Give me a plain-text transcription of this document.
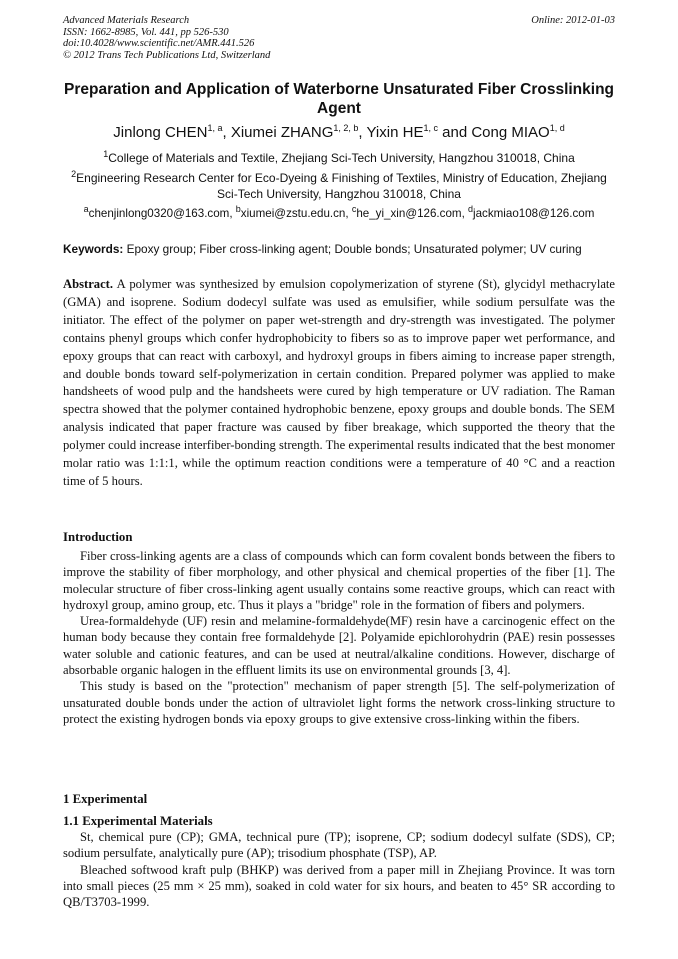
Advanced Materials Research
ISSN: 1662-8985, Vol. 441, pp 526-530
doi:10.4028/www.scientific.net/AMR.441.526
© 2012 Trans Tech Publications Ltd, Switzerland
Online: 2012-01-03
Preparation and Application of Waterborne Unsaturated Fiber Crosslinking Agent
Jinlong CHEN$^{1, a}$, Xiumei ZHANG$^{1, 2, b}$, Yixin HE$^{1, c}$ and Cong MIAO$^{1, d}$
$^1$College of Materials and Textile, Zhejiang Sci-Tech University, Hangzhou 310018, China
$^2$Engineering Research Center for Eco-Dyeing & Finishing of Textiles, Ministry of Education, Zhejiang Sci-Tech University, Hangzhou 310018, China
$^a$chenjinlong0320@163.com, $^b$xiumei@zstu.edu.cn, $^c$he_yi_xin@126.com, $^d$jackmiao108@126.com
Keywords: Epoxy group; Fiber cross-linking agent; Double bonds; Unsaturated polymer; UV curing
Abstract. A polymer was synthesized by emulsion copolymerization of styrene (St), glycidyl methacrylate (GMA) and isoprene. Sodium dodecyl sulfate was used as emulsifier, while sodium persulfate was the initiator. The effect of the polymer on paper wet-strength and dry-strength was investigated. The polymer contains phenyl groups which confer hydrophobicity to fibers so as to improve paper wet performance, and epoxy groups that can react with carboxyl, and hydroxyl groups in fibers aiming to increase paper strength, and double bonds toward self-polymerization in certain condition. Prepared polymer was applied to make handsheets of wood pulp and the handsheets were cured by high temperature or UV radiation. The Raman spectra showed that the polymer contained hydrophobic benzene, epoxy groups and double bonds. The SEM analysis indicated that paper fracture was caused by fiber breakage, which supported the theory that the polymer could increase interfiber-bonding strength. The experimental results indicated that the best monomer molar ratio was 1:1:1, while the optimum reaction conditions were a temperature of 40 °C and a reaction time of 5 hours.
Introduction

Fiber cross-linking agents are a class of compounds which can form covalent bonds between the fibers to improve the stability of fiber morphology, and other physical and chemical properties of the fiber [1]. The molecular structure of fiber cross-linking agent usually contains some reactive groups, which can react with hydroxyl group, amino group, etc. Thus it plays a "bridge" role in the formation of fibers and polymers.

Urea-formaldehyde (UF) resin and melamine-formaldehyde(MF) resin have a carcinogenic effect on the human body because they contain free formaldehyde [2]. Polyamide epichlorohydrin (PAE) resin possesses water soluble and cationic features, and can be used at neutral/alkaline conditions. However, discharge of absorbable organic halogen in the effluent limits its use on environmental grounds [3, 4].

This study is based on the "protection" mechanism of paper strength [5]. The self-polymerization of unsaturated double bonds under the action of ultraviolet light forms the network cross-linking structure to protect the existing hydrogen bonds via epoxy groups to give extensive cross-linking within the fibers.

1 Experimental
1.1 Experimental Materials

St, chemical pure (CP); GMA, technical pure (TP); isoprene, CP; sodium dodecyl sulfate (SDS), CP; sodium persulfate, analytically pure (AP); trisodium phosphate (TSP), AP.

Bleached softwood kraft pulp (BHKP) was derived from a paper mill in Zhejiang Province. It was torn into small pieces (25 mm × 25 mm), soaked in cold water for six hours, and beaten to 45° SR according to QB/T3703-1999.
